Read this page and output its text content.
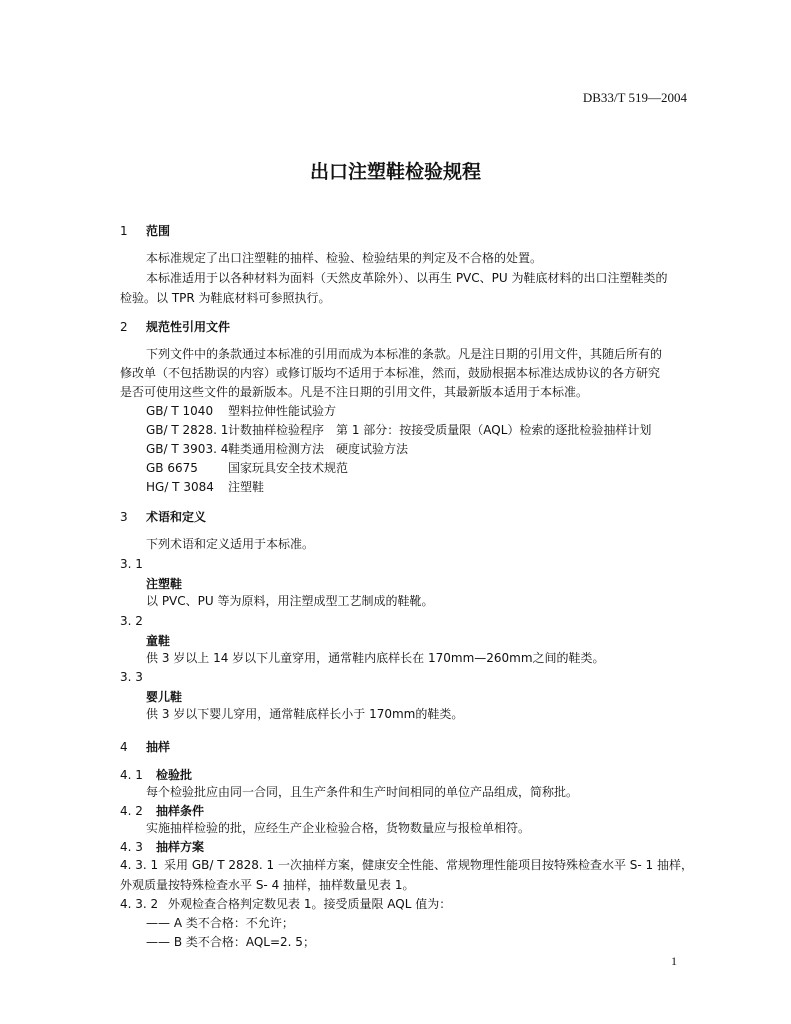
DB33/T 519—2004
出口注塑鞋检验规程
1 范围
本标准规定了出口注塑鞋的抽样、检验、检验结果的判定及不合格的处置。
本标准适用于以各种材料为面料（天然皮革除外）、以再生 PVC、PU 为鞋底材料的出口注塑鞋类的
检验。以 TPR 为鞋底材料可参照执行。
2 规范性引用文件
下列文件中的条款通过本标准的引用而成为本标准的条款。凡是注日期的引用文件，其随后所有的
修改单（不包括勘误的内容）或修订版均不适用于本标准，然而，鼓励根据本标准达成协议的各方研究
是否可使用这些文件的最新版本。凡是不注日期的引用文件，其最新版本适用于本标准。
GB/ T 1040 塑料拉伸性能试验方
GB/ T 2828. 1计数抽样检验程序　第 1 部分：按接受质量限（AQL）检索的逐批检验抽样计划
GB/ T 3903. 4鞋类通用检测方法　硬度试验方法
GB 6675	国家玩具安全技术规范
HG/ T 3084 注塑鞋
3 术语和定义
下列术语和定义适用于本标准。
3. 1
注塑鞋
以 PVC、PU 等为原料，用注塑成型工艺制成的鞋靴。
3. 2
童鞋
供 3 岁以上 14 岁以下儿童穿用，通常鞋内底样长在 170mm—260mm之间的鞋类。
3. 3
婴儿鞋
供 3 岁以下婴儿穿用，通常鞋底样长小于 170mm的鞋类。
4 抽样
4. 1 检验批
每个检验批应由同一合同，且生产条件和生产时间相同的单位产品组成，简称批。
4. 2 抽样条件
实施抽样检验的批，应经生产企业检验合格，货物数量应与报检单相符。
4. 3 抽样方案
4. 3. 1 采用 GB/ T 2828. 1 一次抽样方案，健康安全性能、常规物理性能项目按特殊检查水平 S- 1 抽样，
外观质量按特殊检查水平 S- 4 抽样，抽样数量见表 1。
4. 3. 2 外观检查合格判定数见表 1。接受质量限 AQL 值为：
—— A 类不合格：不允许；
—— B 类不合格：AQL=2. 5；
1
